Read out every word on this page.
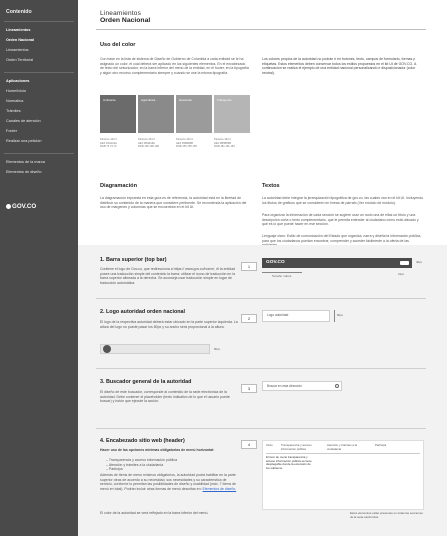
Contenido
Lineamientos
Orden Nacional
Lineamientos
Orden Territorial
Aplicaciones
Home/Inicio
Normativa
Trámites
Canales de atención
Footer
Realizar una petición
Elementos de la marca
Elementos de diseño
GOV.CO
Lineamientos
Orden Nacional
Uso del color
Con base en la lista de sistema de Diseño de Gobierno de Colombia a cada entidad se le ha asignado un color, el cual deberá ser aplicado en los siguientes elementos. En el encabezado de texto del sintonizador, en la barra inferior del menú de la entidad, en el footer, en la tipografía y algún otro recurso complementario siempre y cuando se use la misma tipografía.
Los colores propios de la autoridad no podrán ir en botones, texto, campos de formulario, formas y etiquetas. Estos elementos deben conservar todos los estilos propuestos en el kit UI de GOV.CO. A continuación se realiza el ejemplo de una entidad nacional personalizando e disposicionador (color neutral).
Ambiente	Agricultura	Hacienda	Transporte
Pantone 440 C
HEX #4A4A4A
RGB 74 74 74
Pantone 444 C
HEX #8A8A8A
RGB 138 138 138
Pantone 443 C
HEX #9B9B9B
RGB 155 155 155
Pantone 442 C
HEX #B5B5B5
RGB 181 181 181
Diagramación
La diagramación expuesta en esta guía es de referencia, la autoridad está en la libertad de distribuir su contenido de la manera que considere pertinente. Se recomienda la aplicación del uso de márgenes y columnas que se encuentran en el kit UI.
Textos
La autoridad debe integrar la jerarquización tipográfica de gov.co, las cuales van en el kit UI. Incluyendo los títulos de gráficos que se consideren en líneas de párrafo (Ver módulo de módulo).
Para organizar la información de cada sección se sugiere usar un nodo una de ellas un título y una descripción corta o texto complementario, que le permita entender al ciudadano cómo está ubicado y qué es lo que puede hacer en ese sección.
Lenguaje claro: Estilo de comunicación del Estado que organiza, narra y diseña la información pública, para que los ciudadanos puedan encontrar, comprender y acceder fácilmente a la oferta de las
1. Barra superior (top bar)
Contiene el logo de Gov.co, que redirecciona a https:// www.gov.co/home/, él la entidad posee una traducción simple del contenido la barra: utilizar el ícono de traducción en la barra superior alineada a la derecha. Se aconseja usar traducción simple en lugar de traducción automática.
1
GOV.CO	48px
Tamaño / altura	24px
2. Logo autoridad orden nacional
El logo de la respectiva autoridad deberá estar ubicado en la parte superior izquierda. La altura del logo no puede pasar los 80px y su ancho será proporcional a la altura.
2
Logo autoridad	80px
80px
3. Buscador general de la autoridad
El diseño de este buscador, corresponde al contenido de la sede electrónica de la autoridad. Debe contener el placeholder (texto indicativo de lo que el usuario puede buscar) y botón que ejecute la acción.
3	Buscar en esta dirección
4. Encabezado sitio web (header)
Hacer uso de las opciones mínimas obligatorias de menú horizontal:
– Transparencia y acceso información pública
– Atención y trámites a la ciudadanía
– Participa
Además de ítems de menú mínimos obligatorios, la autoridad podrá habilitar en la parte superior otras de acuerdo a su necesidad, sus necesidades y su característica de servicio, conforme lo permitan las posibilidades de diseño y usabilidad (máx. 7 ítems de menú en total). Podrán incluir otras formas de menú descritas en: Elementos de diseño.
El color de la autoridad se verá reflejado en la barra inferior del menú.
4	Inicio	Transparencia y acceso información pública
Atención y trámites a la ciudadanía
Participa
El ítem de menú transparencia y acceso información pública se tiene desplegable donde la extensión de los subitems.
Estos elementos están presentes en todas las secciones de la sede electrónica.
